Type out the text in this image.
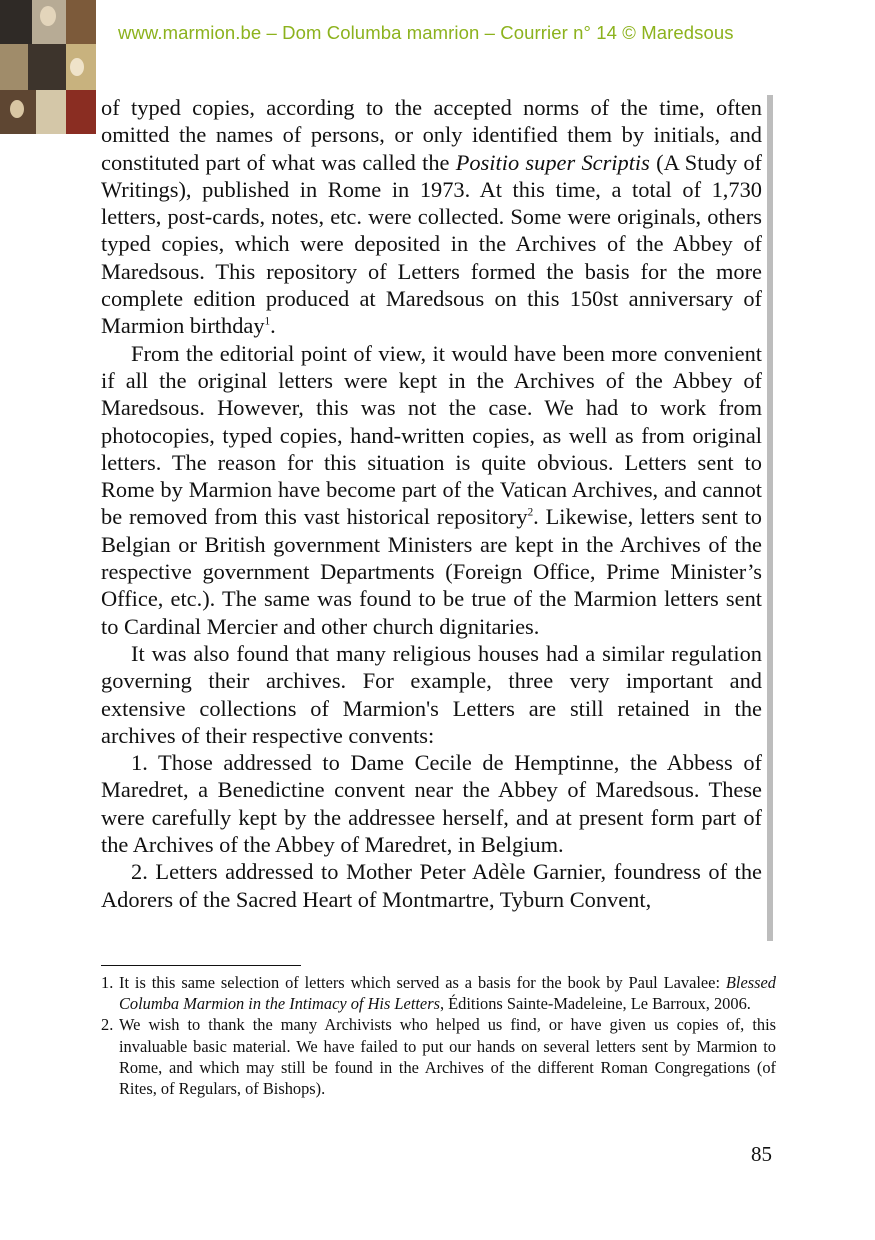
www.marmion.be – Dom Columba mamrion – Courrier n° 14 © Maredsous

of typed copies, according to the accepted norms of the time, often omitted the names of persons, or only identified them by initials, and constituted part of what was called the Positio super Scriptis (A Study of Writings), published in Rome in 1973. At this time, a total of 1,730 letters, post-cards, notes, etc. were collected. Some were originals, others typed copies, which were deposited in the Archives of the Abbey of Maredsous. This repository of Letters formed the basis for the more complete edition produced at Maredsous on this 150st anniversary of Marmion birthday$^1$.

From the editorial point of view, it would have been more convenient if all the original letters were kept in the Archives of the Abbey of Maredsous. However, this was not the case. We had to work from photocopies, typed copies, hand-written copies, as well as from original letters. The reason for this situation is quite obvious. Letters sent to Rome by Marmion have become part of the Vatican Archives, and cannot be removed from this vast historical repository$^2$. Likewise, letters sent to Belgian or British government Ministers are kept in the Archives of the respective government Departments (Foreign Office, Prime Minister’s Office, etc.). The same was found to be true of the Marmion letters sent to Cardinal Mercier and other church dignitaries.

It was also found that many religious houses had a similar regulation governing their archives. For example, three very important and extensive collections of Marmion's Letters are still retained in the archives of their respective convents:

1. Those addressed to Dame Cecile de Hemptinne, the Abbess of Maredret, a Benedictine convent near the Abbey of Maredsous. These were carefully kept by the addressee herself, and at present form part of the Archives of the Abbey of Maredret, in Belgium.

2. Letters addressed to Mother Peter Adèle Garnier, foundress of the Adorers of the Sacred Heart of Montmartre, Tyburn Convent,

1. It is this same selection of letters which served as a basis for the book by Paul Lavalee: Blessed Columba Marmion in the Intimacy of His Letters, Éditions Sainte-Madeleine, Le Barroux, 2006.

2. We wish to thank the many Archivists who helped us find, or have given us copies of, this invaluable basic material. We have failed to put our hands on several letters sent by Marmion to Rome, and which may still be found in the Archives of the different Roman Congregations (of Rites, of Regulars, of Bishops).

85
